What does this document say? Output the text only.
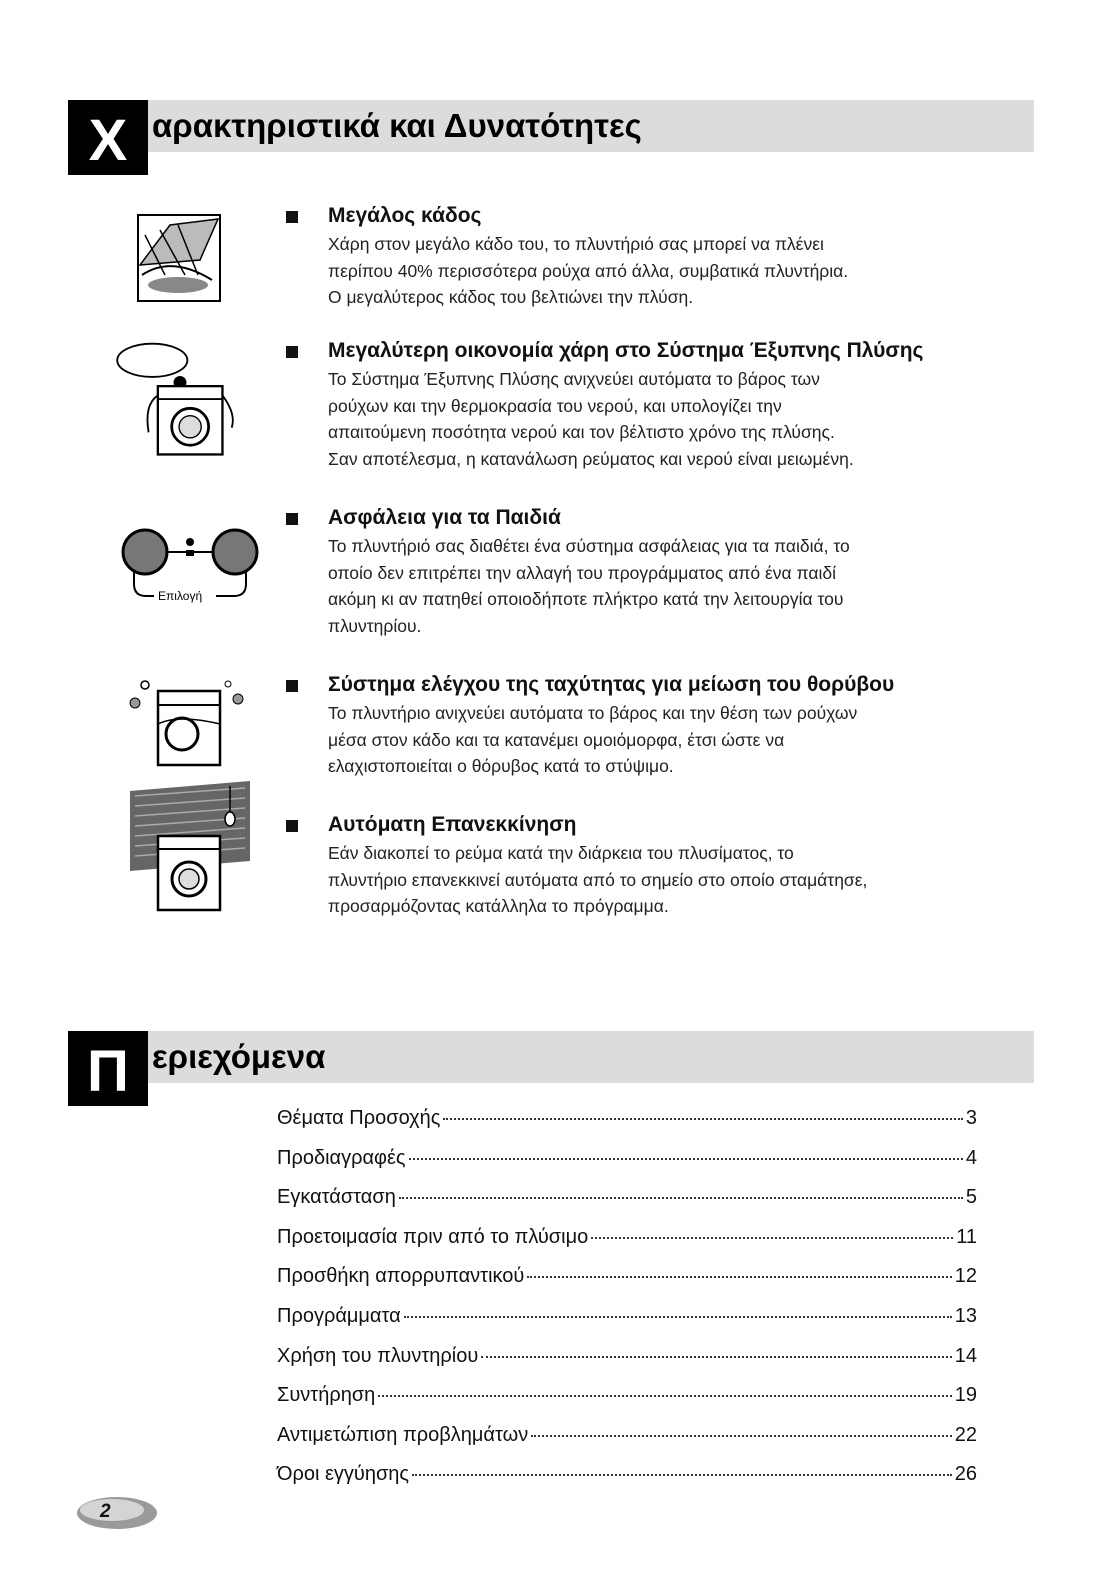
Χ αρακτηριστικά και Δυνατότητες
Μεγάλος κάδος
Χάρη στον μεγάλο κάδο του, το πλυντήριό σας μπορεί να πλένει
περίπου 40% περισσότερα ρούχα από άλλα, συμβατικά πλυντήρια.
Ο μεγαλύτερος κάδος του βελτιώνει την πλύση.
Μεγαλύτερη οικονομία χάρη στο Σύστημα Έξυπνης Πλύσης
Το Σύστημα Έξυπνης Πλύσης ανιχνεύει αυτόματα το βάρος των
ρούχων και την θερμοκρασία του νερού, και υπολογίζει την
απαιτούμενη ποσότητα νερού και τον βέλτιστο χρόνο της πλύσης.
Σαν αποτέλεσμα, η κατανάλωση ρεύματος και νερού είναι μειωμένη.
Επιλογή
Ασφάλεια για τα Παιδιά
Το πλυντήριό σας διαθέτει ένα σύστημα ασφάλειας για τα παιδιά, το
οποίο δεν επιτρέπει την αλλαγή του προγράμματος από ένα παιδί
ακόμη κι αν πατηθεί οποιοδήποτε πλήκτρο κατά την λειτουργία του
πλυντηρίου.
Σύστημα ελέγχου της ταχύτητας για μείωση του θορύβου
Το πλυντήριο ανιχνεύει αυτόματα το βάρος και την θέση των ρούχων
μέσα στον κάδο και τα κατανέμει ομοιόμορφα, έτσι ώστε να
ελαχιστοποιείται ο θόρυβος κατά το στύψιμο.
Αυτόματη Επανεκκίνηση
Εάν διακοπεί το ρεύμα κατά την διάρκεια του πλυσίματος, το
πλυντήριο επανεκκινεί αυτόματα από το σημείο στο οποίο σταμάτησε,
προσαρμόζοντας κατάλληλα το πρόγραμμα.
Π εριεχόμενα
Θέματα Προσοχής	3
Προδιαγραφές	4
Εγκατάσταση	5
Προετοιμασία πριν από το πλύσιμο	11
Προσθήκη απορρυπαντικού	12
Προγράμματα	13
Χρήση του πλυντηρίου	14
Συντήρηση	19
Αντιμετώπιση προβλημάτων	22
Όροι εγγύησης	26
2
